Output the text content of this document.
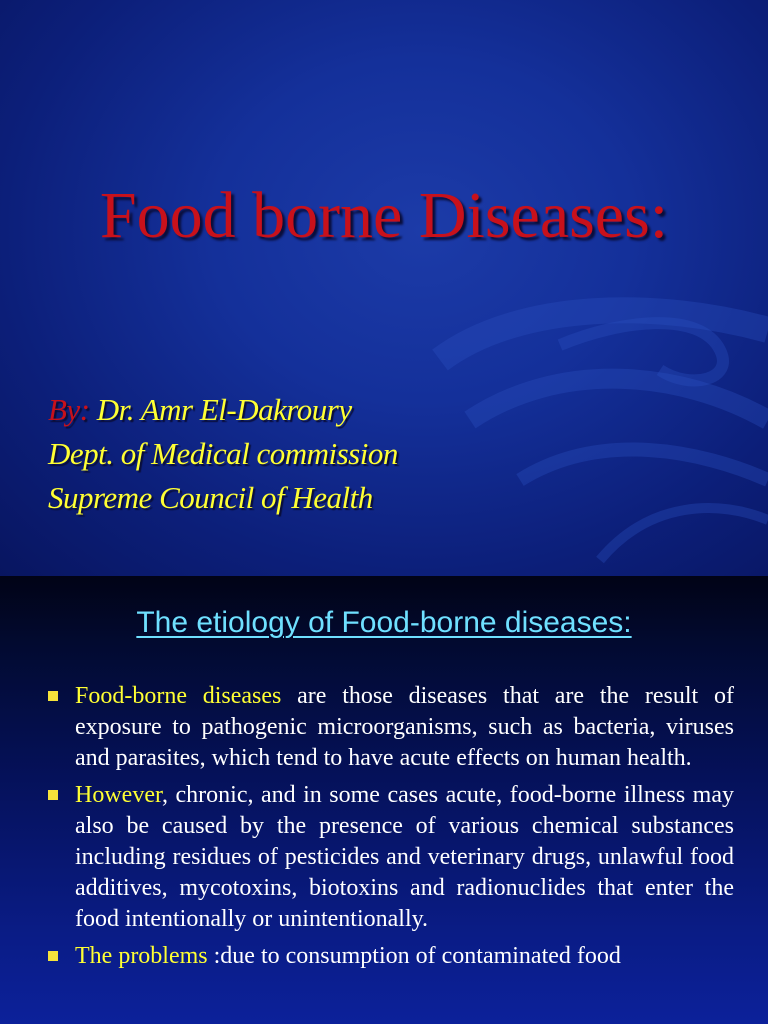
Food borne Diseases:
By: Dr. Amr El-Dakroury
Dept. of Medical commission
Supreme Council of Health
The etiology of Food-borne diseases:
Food-borne diseases are those diseases that are the result of exposure to pathogenic microorganisms, such as bacteria, viruses and parasites, which tend to have acute effects on human health.
However, chronic, and in some cases acute, food-borne illness may also be caused by the presence of various chemical substances including residues of pesticides and veterinary drugs, unlawful food additives, mycotoxins, biotoxins and radionuclides that enter the food intentionally or unintentionally.
The problems :due to consumption of contaminated food
